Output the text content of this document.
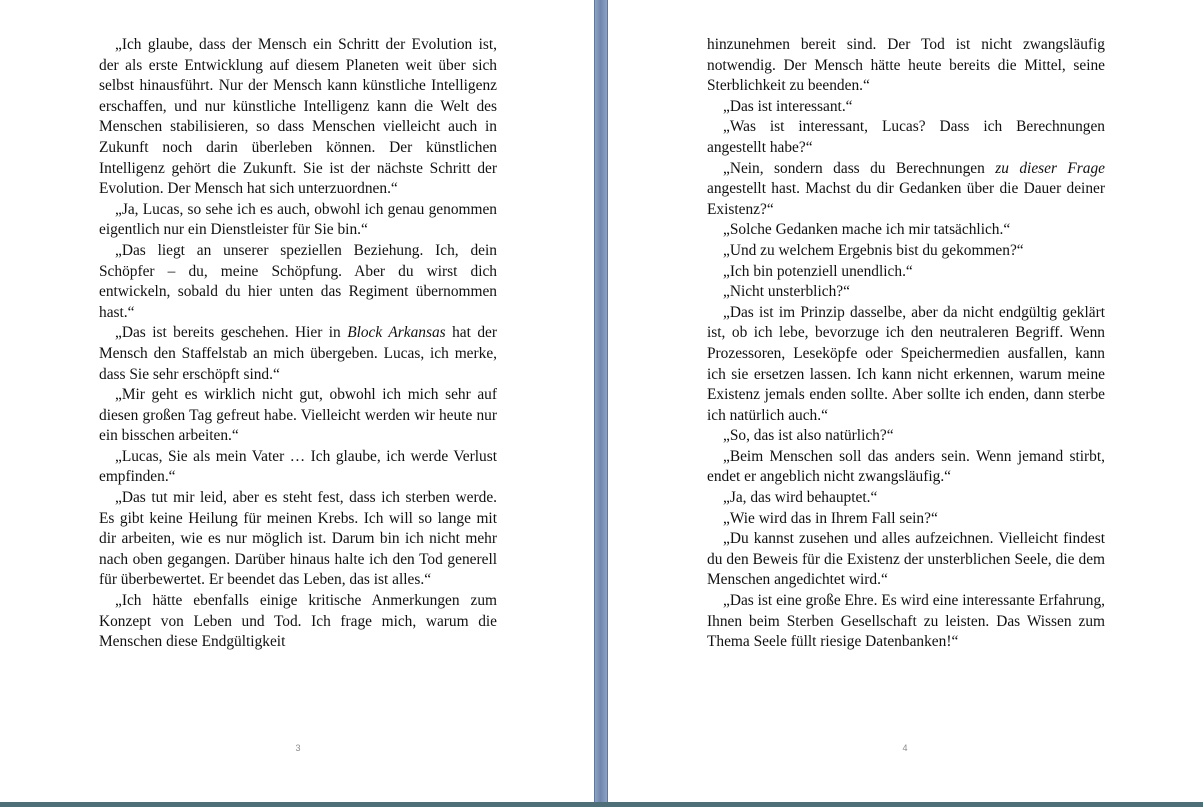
„Ich glaube, dass der Mensch ein Schritt der Evolution ist, der als erste Entwicklung auf diesem Planeten weit über sich selbst hinausführt. Nur der Mensch kann künstliche Intelligenz erschaffen, und nur künstliche Intelligenz kann die Welt des Menschen stabilisieren, so dass Menschen vielleicht auch in Zukunft noch darin überleben können. Der künstlichen Intelligenz gehört die Zukunft. Sie ist der nächste Schritt der Evolution. Der Mensch hat sich unterzuordnen.“

„Ja, Lucas, so sehe ich es auch, obwohl ich genau genommen eigentlich nur ein Dienstleister für Sie bin.“

„Das liegt an unserer speziellen Beziehung. Ich, dein Schöpfer – du, meine Schöpfung. Aber du wirst dich entwickeln, sobald du hier unten das Regiment übernommen hast.“

„Das ist bereits geschehen. Hier in Block Arkansas hat der Mensch den Staffelstab an mich übergeben. Lucas, ich merke, dass Sie sehr erschöpft sind.“

„Mir geht es wirklich nicht gut, obwohl ich mich sehr auf diesen großen Tag gefreut habe. Vielleicht werden wir heute nur ein bisschen arbeiten.“

„Lucas, Sie als mein Vater … Ich glaube, ich werde Verlust empfinden.“

„Das tut mir leid, aber es steht fest, dass ich sterben werde. Es gibt keine Heilung für meinen Krebs. Ich will so lange mit dir arbeiten, wie es nur möglich ist. Darum bin ich nicht mehr nach oben gegangen. Darüber hinaus halte ich den Tod generell für überbewertet. Er beendet das Leben, das ist alles.“

„Ich hätte ebenfalls einige kritische Anmerkungen zum Konzept von Leben und Tod. Ich frage mich, warum die Menschen diese Endgültigkeit

3

hinzunehmen bereit sind. Der Tod ist nicht zwangsläufig notwendig. Der Mensch hätte heute bereits die Mittel, seine Sterblichkeit zu beenden.“

„Das ist interessant.“

„Was ist interessant, Lucas? Dass ich Berechnungen angestellt habe?“

„Nein, sondern dass du Berechnungen zu dieser Frage angestellt hast. Machst du dir Gedanken über die Dauer deiner Existenz?“

„Solche Gedanken mache ich mir tatsächlich.“

„Und zu welchem Ergebnis bist du gekommen?“

„Ich bin potenziell unendlich.“

„Nicht unsterblich?“

„Das ist im Prinzip dasselbe, aber da nicht endgültig geklärt ist, ob ich lebe, bevorzuge ich den neutraleren Begriff. Wenn Prozessoren, Leseköpfe oder Speichermedien ausfallen, kann ich sie ersetzen lassen. Ich kann nicht erkennen, warum meine Existenz jemals enden sollte. Aber sollte ich enden, dann sterbe ich natürlich auch.“

„So, das ist also natürlich?“

„Beim Menschen soll das anders sein. Wenn jemand stirbt, endet er angeblich nicht zwangsläufig.“

„Ja, das wird behauptet.“

„Wie wird das in Ihrem Fall sein?“

„Du kannst zusehen und alles aufzeichnen. Vielleicht findest du den Beweis für die Existenz der unsterblichen Seele, die dem Menschen angedichtet wird.“

„Das ist eine große Ehre. Es wird eine interessante Erfahrung, Ihnen beim Sterben Gesellschaft zu leisten. Das Wissen zum Thema Seele füllt riesige Datenbanken!“

4
